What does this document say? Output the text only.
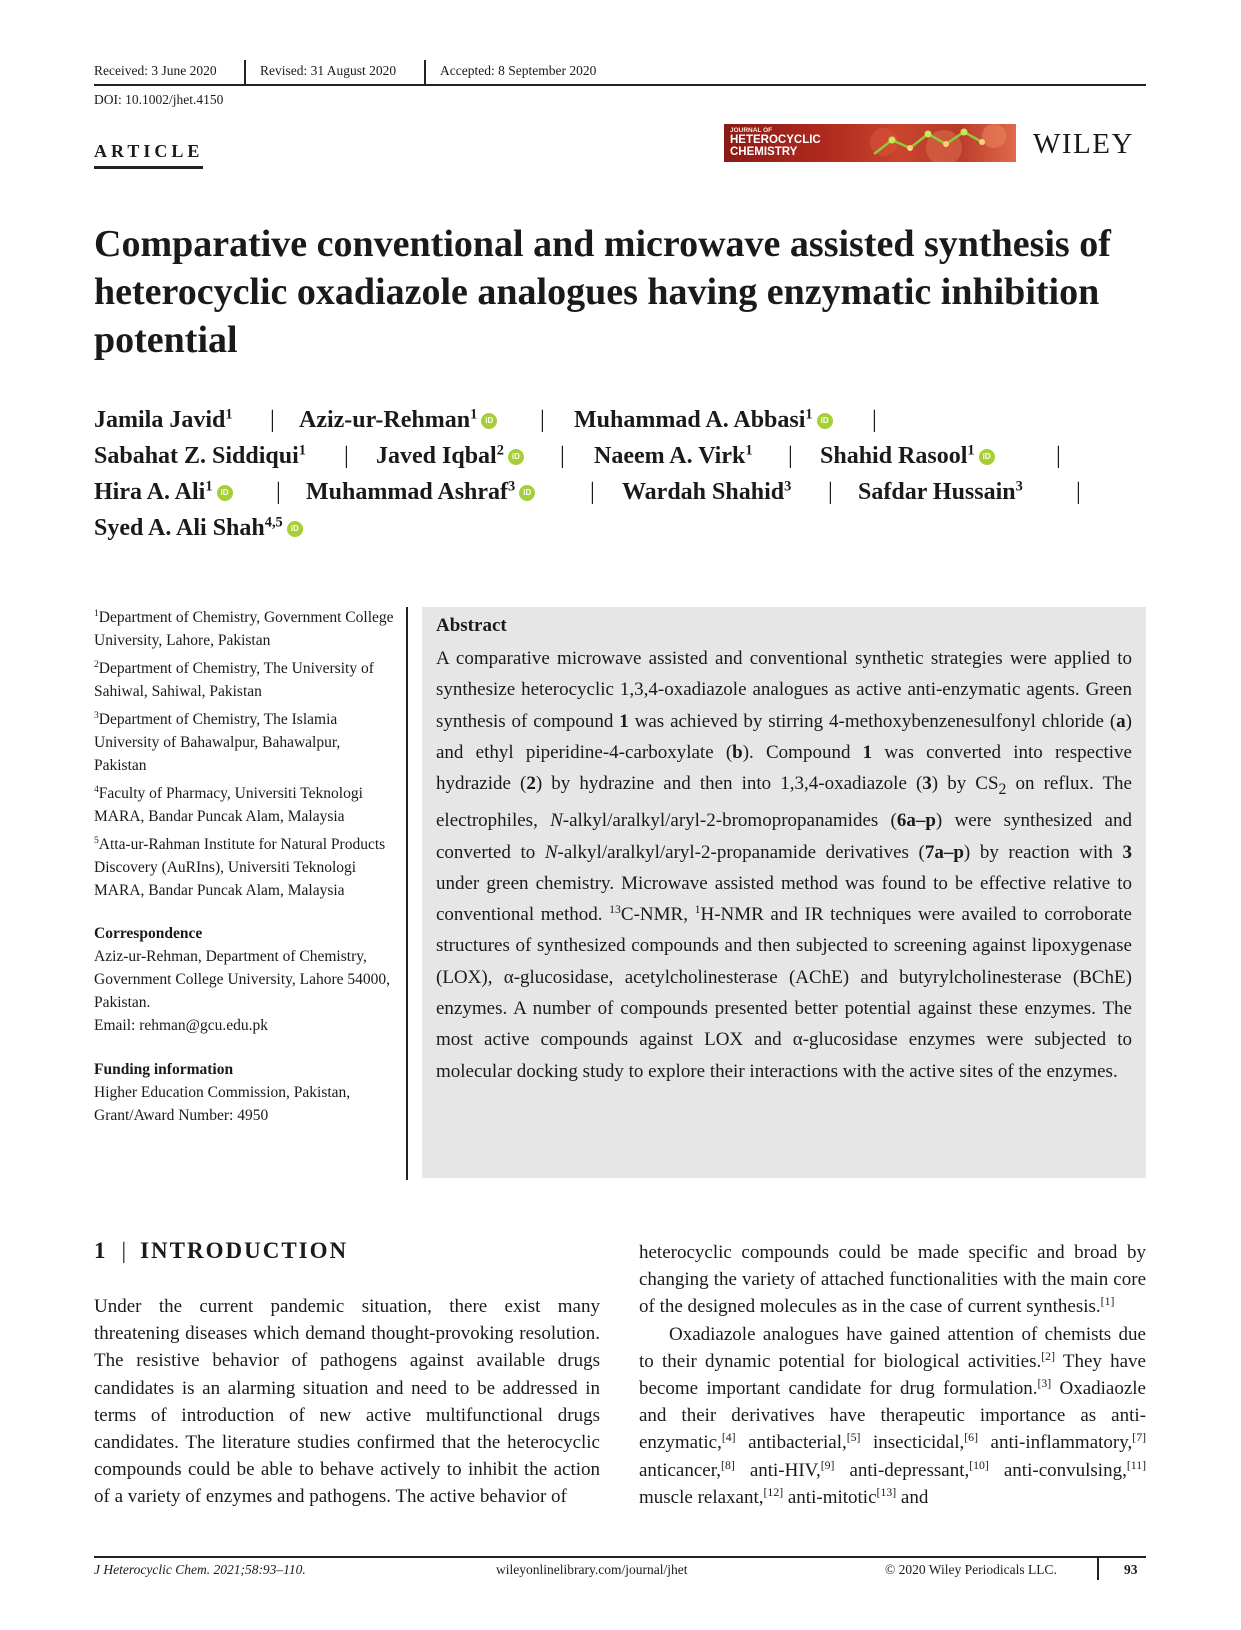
Received: 3 June 2020	Revised: 31 August 2020	Accepted: 8 September 2020
DOI: 10.1002/jhet.4150
ARTICLE
JOURNAL OF
HETEROCYCLIC CHEMISTRY	WILEY
Comparative conventional and microwave assisted synthesis of heterocyclic oxadiazole analogues having enzymatic inhibition potential
Jamila Javid$^1$ | Aziz-ur-Rehman$^1$ iD | Muhammad A. Abbasi$^1$ iD |
Sabahat Z. Siddiqui$^1$ | Javed Iqbal$^2$ iD | Naeem A. Virk$^1$ | Shahid Rasool$^1$ iD	|
Hira A. Ali$^1$ iD | Muhammad Ashraf$^3$ iD | Wardah Shahid$^3$ | Safdar Hussain$^3$ |
Syed A. Ali Shah$^{4,5}$ iD
$^1$Department of Chemistry, Government College University, Lahore, Pakistan
$^2$Department of Chemistry, The University of Sahiwal, Sahiwal, Pakistan
$^3$Department of Chemistry, The Islamia University of Bahawalpur, Bahawalpur, Pakistan
$^4$Faculty of Pharmacy, Universiti Teknologi MARA, Bandar Puncak Alam, Malaysia
$^5$Atta-ur-Rahman Institute for Natural Products Discovery (AuRIns), Universiti Teknologi MARA, Bandar Puncak Alam, Malaysia
Correspondence
Aziz-ur-Rehman, Department of Chemistry, Government College University, Lahore 54000, Pakistan.
Email: rehman@gcu.edu.pk
Funding information
Higher Education Commission, Pakistan, Grant/Award Number: 4950
Abstract
A comparative microwave assisted and conventional synthetic strategies were applied to synthesize heterocyclic 1,3,4-oxadiazole analogues as active anti-enzymatic agents. Green synthesis of compound 1 was achieved by stirring 4-methoxybenzenesulfonyl chloride (a) and ethyl piperidine-4-carboxylate (b). Compound 1 was converted into respective hydrazide (2) by hydrazine and then into 1,3,4-oxadiazole (3) by $CS_2$ on reflux. The electrophiles, N-alkyl/aralkyl/aryl-2-bromopropanamides (6a–p) were synthesized and converted to N-alkyl/aralkyl/aryl-2-propanamide derivatives (7a–p) by reaction with 3 under green chemistry. Microwave assisted method was found to be effective relative to conventional method. $^{13}$C-NMR, $^1$H-NMR and IR techniques were availed to corroborate structures of synthesized compounds and then subjected to screening against lipoxygenase (LOX), α-glucosidase, acetylcholinesterase (AChE) and butyrylcholinesterase (BChE) enzymes. A number of compounds presented better potential against these enzymes. The most active compounds against LOX and α-glucosidase enzymes were subjected to molecular docking study to explore their interactions with the active sites of the enzymes.
1 | INTRODUCTION
Under the current pandemic situation, there exist many threatening diseases which demand thought-provoking resolution. The resistive behavior of pathogens against available drugs candidates is an alarming situation and need to be addressed in terms of introduction of new active multifunctional drugs candidates. The literature studies confirmed that the heterocyclic compounds could be able to behave actively to inhibit the action of a variety of enzymes and pathogens. The active behavior of

heterocyclic compounds could be made specific and broad by changing the variety of attached functionalities with the main core of the designed molecules as in the case of current synthesis.[1]

Oxadiazole analogues have gained attention of chemists due to their dynamic potential for biological activities.[2] They have become important candidate for drug formulation.[3] Oxadiaozle and their derivatives have therapeutic importance as anti-enzymatic,[4] antibacterial,[5] insecticidal,[6] anti-inflammatory,[7] anticancer,[8] anti-HIV,[9] anti-depressant,[10] anti-convulsing,[11] muscle relaxant,[12] anti-mitotic[13] and

J Heterocyclic Chem. 2021;58:93–110.	wileyonlinelibrary.com/journal/jhet	© 2020 Wiley Periodicals LLC.	93
